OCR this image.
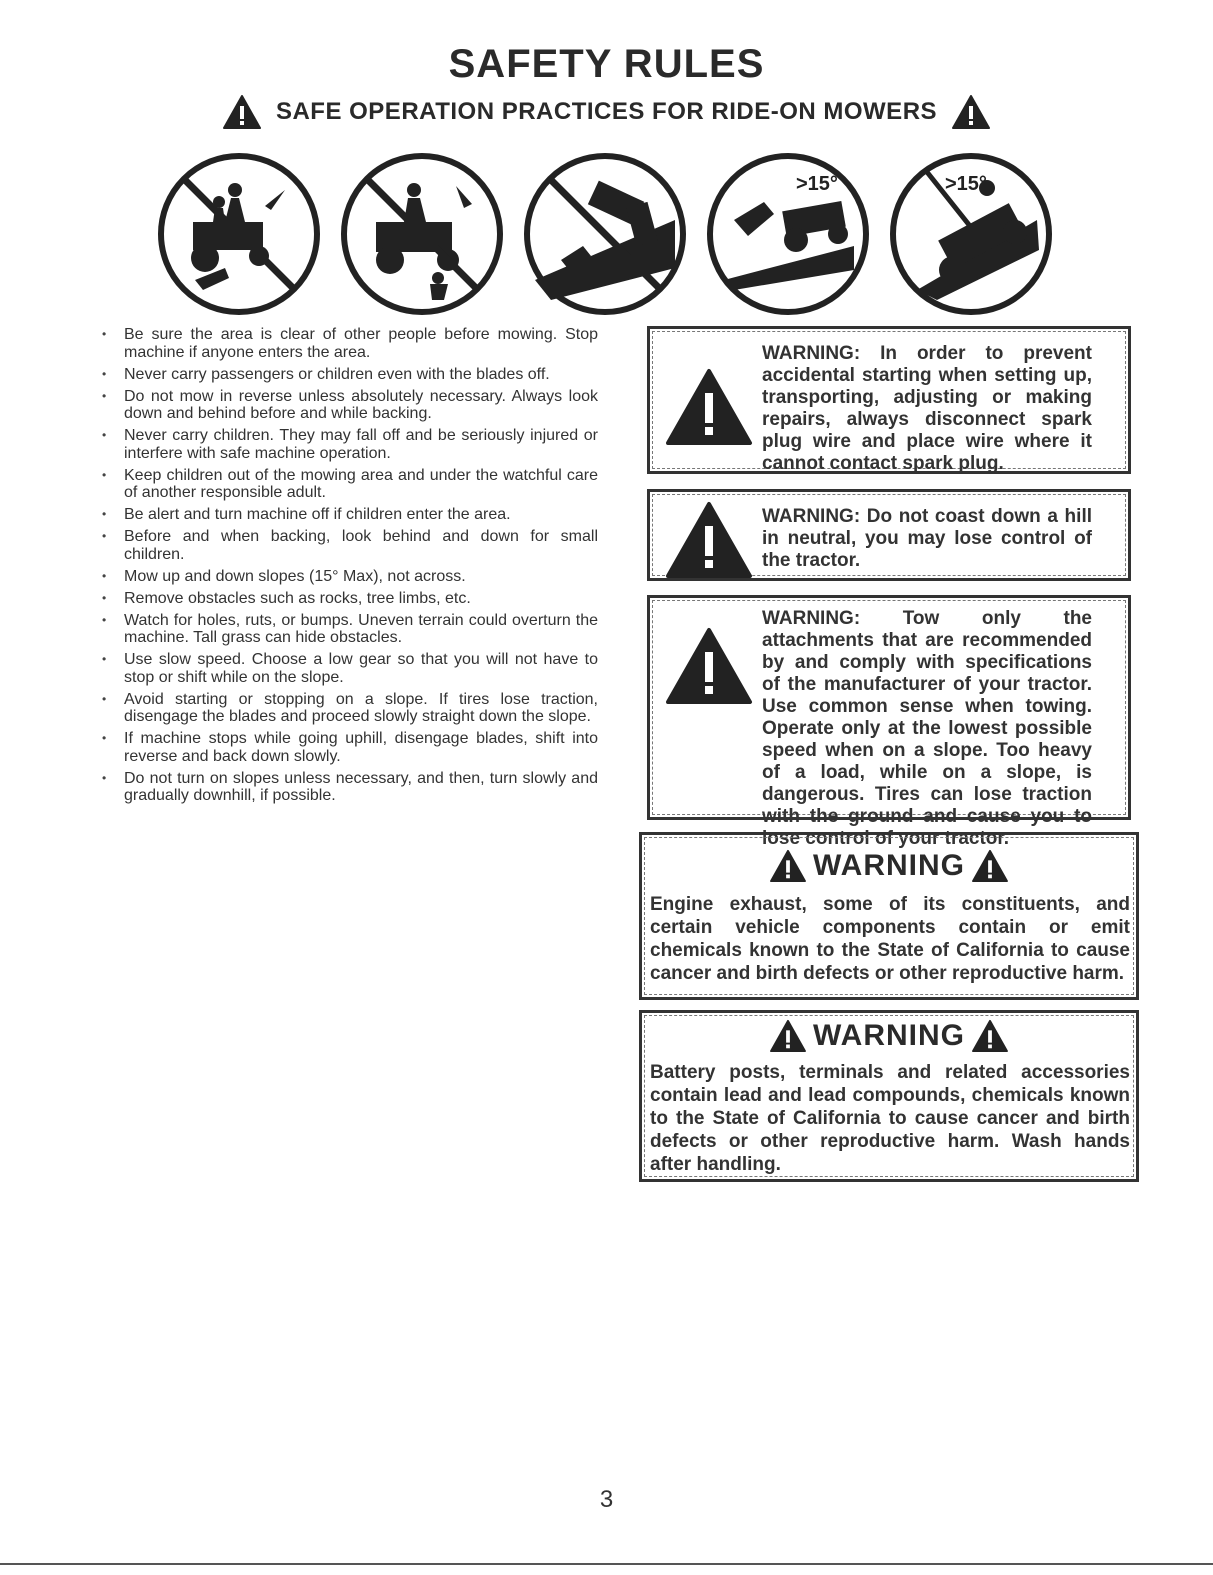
SAFETY RULES
SAFE OPERATION PRACTICES FOR RIDE-ON MOWERS
>15°	>15°
• Be sure the area is clear of other people before mowing. Stop machine if anyone enters the area.
• Never carry passengers or children even with the blades off.
• Do not mow in reverse unless absolutely necessary. Always look down and behind before and while backing.
• Never carry children. They may fall off and be seriously injured or interfere with safe machine operation.
• Keep children out of the mowing area and under the watchful care of another responsible adult.
• Be alert and turn machine off if children enter the area.
• Before and when backing, look behind and down for small children.
• Mow up and down slopes (15° Max), not across.
• Remove obstacles such as rocks, tree limbs, etc.
• Watch for holes, ruts, or bumps. Uneven terrain could overturn the machine. Tall grass can hide obstacles.
• Use slow speed. Choose a low gear so that you will not have to stop or shift while on the slope.
• Avoid starting or stopping on a slope. If tires lose traction, disengage the blades and proceed slowly straight down the slope.
• If machine stops while going uphill, disengage blades, shift into reverse and back down slowly.
• Do not turn on slopes unless necessary, and then, turn slowly and gradually downhill, if possible.
WARNING: In order to prevent accidental starting when setting up, transporting, adjusting or making repairs, always disconnect spark plug wire and place wire where it cannot contact spark plug.
WARNING: Do not coast down a hill in neutral, you may lose control of the tractor.
WARNING: Tow only the attachments that are recommended by and comply with specifications of the manufacturer of your tractor. Use common sense when towing. Operate only at the lowest possible speed when on a slope. Too heavy of a load, while on a slope, is dangerous. Tires can lose traction with the ground and cause you to lose control of your tractor.
WARNING
Engine exhaust, some of its constituents, and certain vehicle components contain or emit chemicals known to the State of California to cause cancer and birth defects or other reproductive harm.
WARNING
Battery posts, terminals and related accessories contain lead and lead compounds, chemicals known to the State of California to cause cancer and birth defects or other reproductive harm. Wash hands after handling.
3
